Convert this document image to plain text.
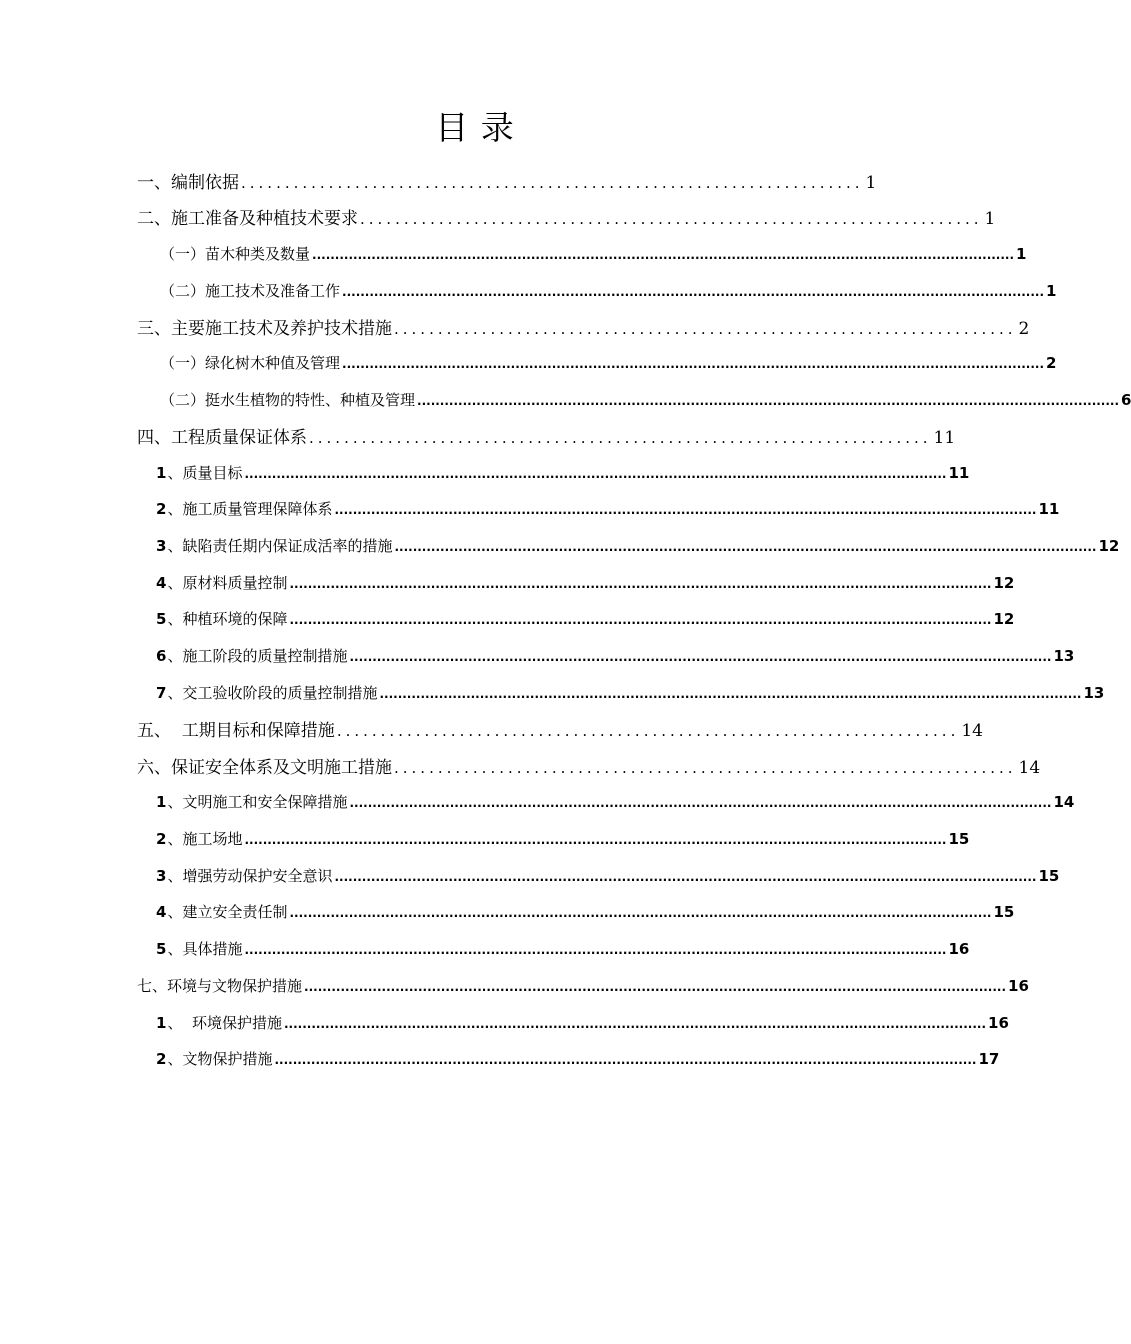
目 录
一、编制依据 ....................................................................... 1
二、施工准备及种植技术要求 ....................................................................... 1
（一）苗木种类及数量 .......................................................................................................................................................... 1
（二）施工技术及准备工作 .......................................................................................................................................................... 1
三、主要施工技术及养护技术措施 ....................................................................... 2
（一）绿化树木种值及管理 .......................................................................................................................................................... 2
（二）挺水生植物的特性、种植及管理 .......................................................................................................................................................... 6
四、工程质量保证体系 ....................................................................... 11
1、质量目标 .......................................................................................................................................................... 11
2、施工质量管理保障体系 .......................................................................................................................................................... 11
3、缺陷责任期内保证成活率的措施 .......................................................................................................................................................... 12
4、原材料质量控制 .......................................................................................................................................................... 12
5、种植环境的保障 .......................................................................................................................................................... 12
6、施工阶段的质量控制措施 .......................................................................................................................................................... 13
7、交工验收阶段的质量控制措施 .......................................................................................................................................................... 13
五、  工期目标和保障措施 ....................................................................... 14
六、保证安全体系及文明施工措施 ....................................................................... 14
1、文明施工和安全保障措施 .......................................................................................................................................................... 14
2、施工场地 .......................................................................................................................................................... 15
3、增强劳动保护安全意识 .......................................................................................................................................................... 15
4、建立安全责任制 .......................................................................................................................................................... 15
5、具体措施 .......................................................................................................................................................... 16
七、环境与文物保护措施 .......................................................................................................................................................... 16
1、  环境保护措施 .......................................................................................................................................................... 16
2、文物保护措施 .......................................................................................................................................................... 17
